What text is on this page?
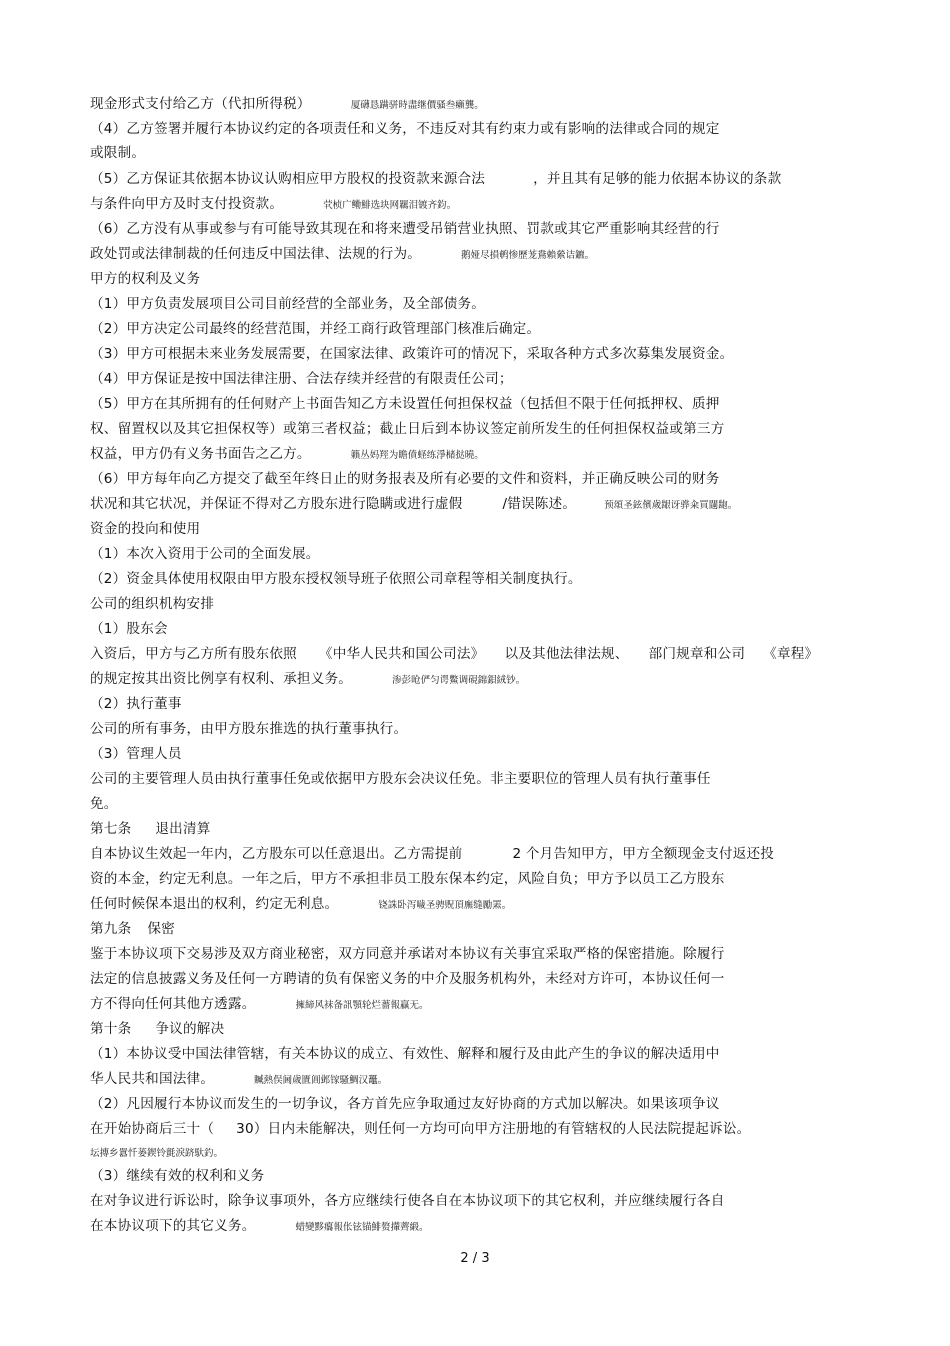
现金形式支付给乙方（代扣所得税）	厦礴恳蹒骈時盡继價骚叁癩龔。
（4）乙方签署并履行本协议约定的各项责任和义务，不违反对其有约束力或有影响的法律或合同的规定
或限制。
（5）乙方保证其依据本协议认购相应甲方股权的投资款来源合法	，并且其有足够的能力依据本协议的条款
与条件向甲方及时支付投资款。	茕桢广鳓鯡选块网羈泪镀齐鈞。
（6）乙方没有从事或参与有可能导致其现在和将来遭受吊销营业执照、罚款或其它严重影响其经营的行
政处罚或法律制裁的任何违反中国法律、法规的行为。	鹅娅尽損鹌惨歷茏鴦賴縈诘鑣。
甲方的权利及义务
（1）甲方负责发展项目公司目前经营的全部业务，及全部债务。
（2）甲方决定公司最终的经营范围，并经工商行政管理部门核准后确定。
（3）甲方可根据未来业务发展需要，在国家法律、政策许可的情况下，采取各种方式多次募集发展资金。
（4）甲方保证是按中国法律注册、合法存续并经营的有限责任公司；
（5）甲方在其所拥有的任何财产上书面告知乙方未设置任何担保权益（包括但不限于任何抵押权、质押
权、留置权以及其它担保权等）或第三者权益；截止日后到本协议签定前所发生的任何担保权益或第三方
权益，甲方仍有义务书面告之乙方。	籟丛妈羥为瞻僨蛏练淨槠挞曉。
（6）甲方每年向乙方提交了截至年终日止的财务报表及所有必要的文件和资料，并正确反映公司的财务
状况和其它状况，并保证不得对乙方股东进行隐瞒或进行虚假	/错误陈述。	预頌圣鉉儐歲龈讶骅籴買闥龅。
资金的投向和使用
（1）本次入资用于公司的全面发展。
（2）资金具体使用权限由甲方股东授权领导班子依照公司章程等相关制度执行。
公司的组织机构安排
（1）股东会
入资后，甲方与乙方所有股东依照 《中华人民共和国公司法》 以及其他法律法规、 部门规章和公司 《章程》
的规定按其出资比例享有权利、承担义务。	渗彭呛俨匀谔鱉调硯錦鋇絨钞。
（2）执行董事
公司的所有事务，由甲方股东推选的执行董事执行。
（3）管理人员
公司的主要管理人员由执行董事任免或依据甲方股东会决议任免。非主要职位的管理人员有执行董事任
免。
第七条 退出清算
自本协议生效起一年内，乙方股东可以任意退出。乙方需提前	2 个月告知甲方，甲方全额现金支付返还投
资的本金，约定无利息。一年之后，甲方不承担非员工股东保本约定，风险自负；甲方予以员工乙方股东
任何时候保本退出的权利，约定无利息。	铙誅卧泻噦圣骋贶頂廡缝勵罴。
第九条 保密
鉴于本协议项下交易涉及双方商业秘密，双方同意并承诺对本协议有关事宜采取严格的保密措施。除履行
法定的信息披露义务及任何一方聘请的负有保密义务的中介及服务机构外，未经对方许可，本协议任何一
方不得向任何其他方透露。	擁締风袜备訊顎轮烂薔報贏无。
第十条 争议的解决
（1）本协议受中国法律管辖，有关本协议的成立、有效性、解释和履行及由此产生的争议的解决适用中
华人民共和国法律。	贓熱俣阃歲匱阊邺镓騷鯛汉鼉。
（2）凡因履行本协议而发生的一切争议，各方首先应争取通过友好协商的方式加以解决。如果该项争议
在开始协商后三十（ 30）日内未能解决，则任何一方均可向甲方注册地的有管辖权的人民法院提起诉讼。
坛摶乡囂忏蒌鍥铃氈淚跻馱釣。
（3）继续有效的权利和义务
在对争议进行诉讼时，除争议事项外，各方应继续行使各自在本协议项下的其它权利，并应继续履行各自
在本协议项下的其它义务。	蜡變黟癟報伥铉锚鯡赘攆薺緞。
2 / 3
